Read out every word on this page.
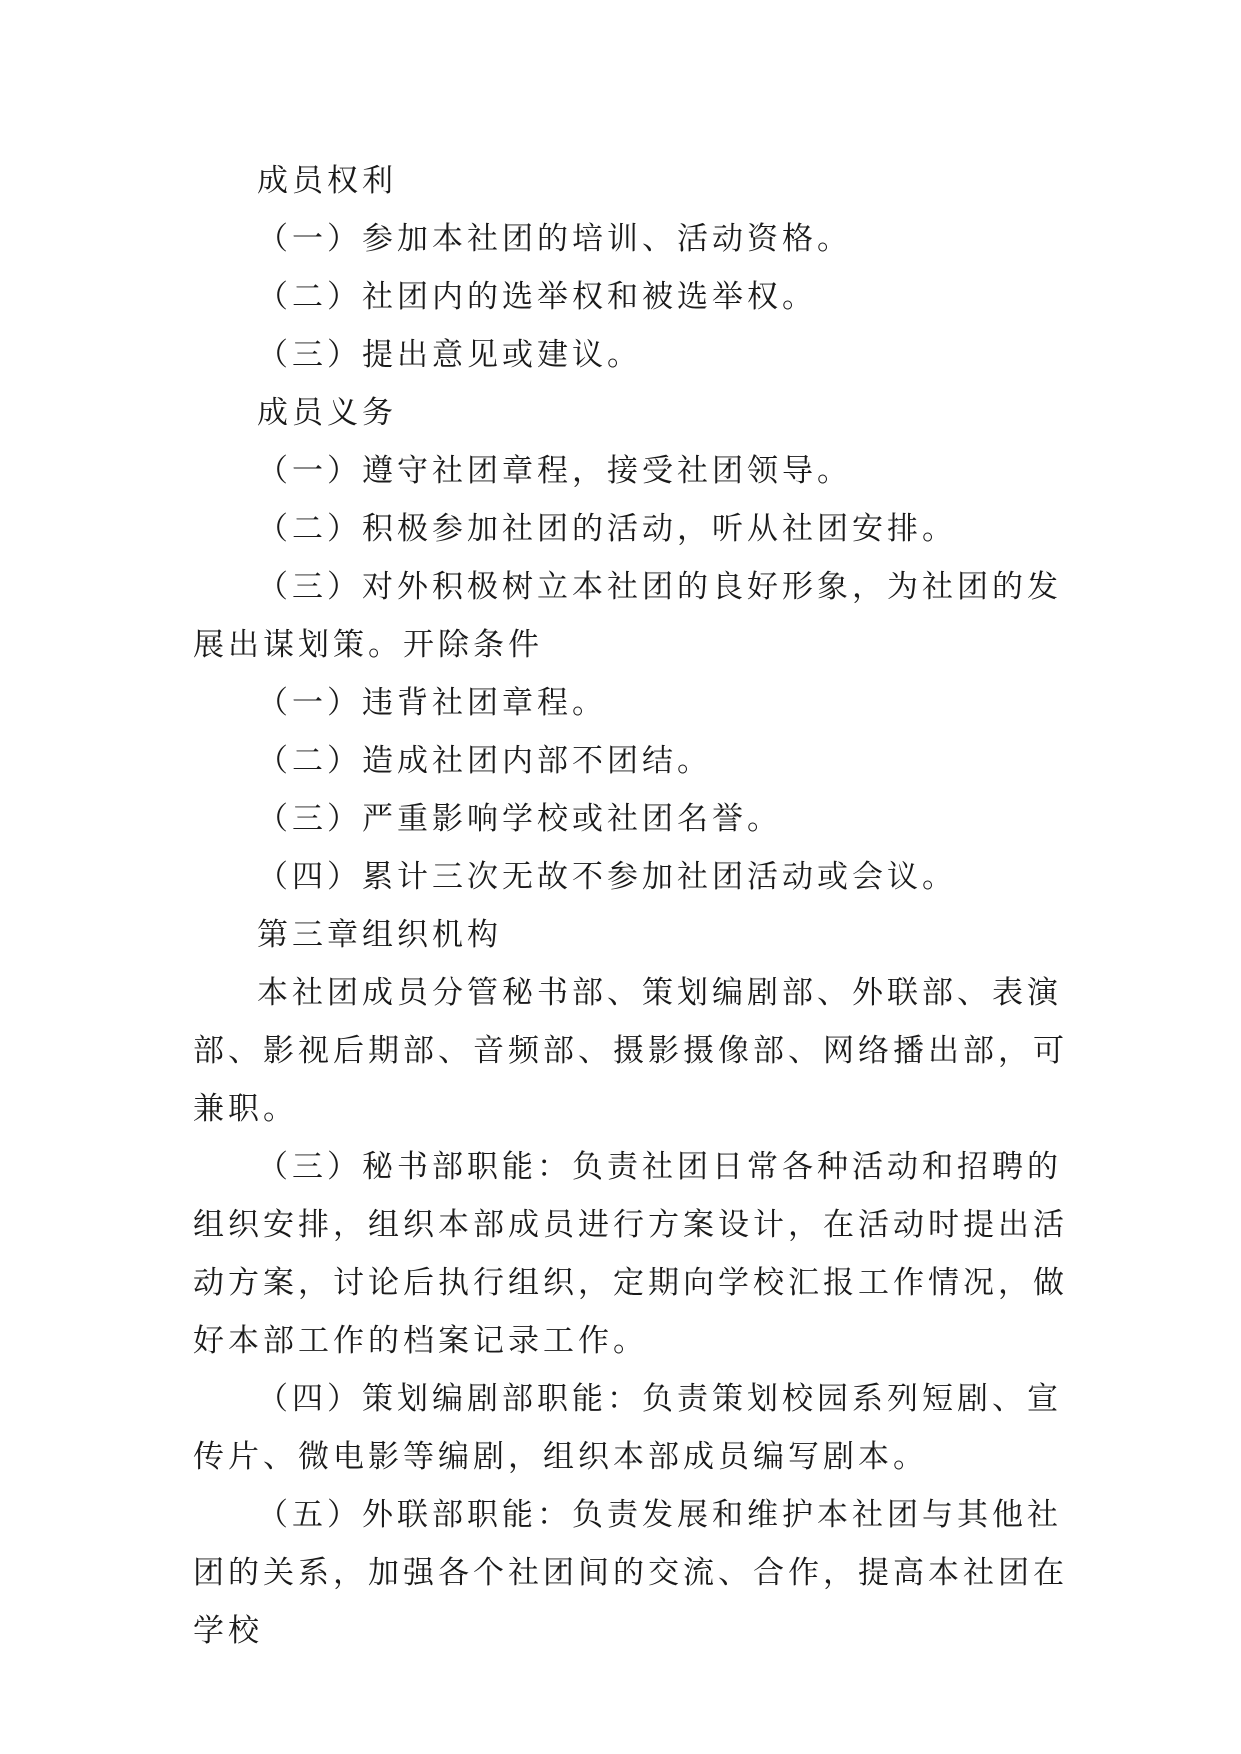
成员权利

（一）参加本社团的培训、活动资格。

（二）社团内的选举权和被选举权。

（三）提出意见或建议。

成员义务

（一）遵守社团章程，接受社团领导。

（二）积极参加社团的活动，听从社团安排。

（三）对外积极树立本社团的良好形象，为社团的发展出谋划策。开除条件

（一）违背社团章程。

（二）造成社团内部不团结。

（三）严重影响学校或社团名誉。

（四）累计三次无故不参加社团活动或会议。

第三章组织机构

本社团成员分管秘书部、策划编剧部、外联部、表演部、影视后期部、音频部、摄影摄像部、网络播出部，可兼职。

（三）秘书部职能：负责社团日常各种活动和招聘的组织安排，组织本部成员进行方案设计，在活动时提出活动方案，讨论后执行组织，定期向学校汇报工作情况，做好本部工作的档案记录工作。

（四）策划编剧部职能：负责策划校园系列短剧、宣传片、微电影等编剧，组织本部成员编写剧本。

（五）外联部职能：负责发展和维护本社团与其他社团的关系，加强各个社团间的交流、合作，提高本社团在学校
